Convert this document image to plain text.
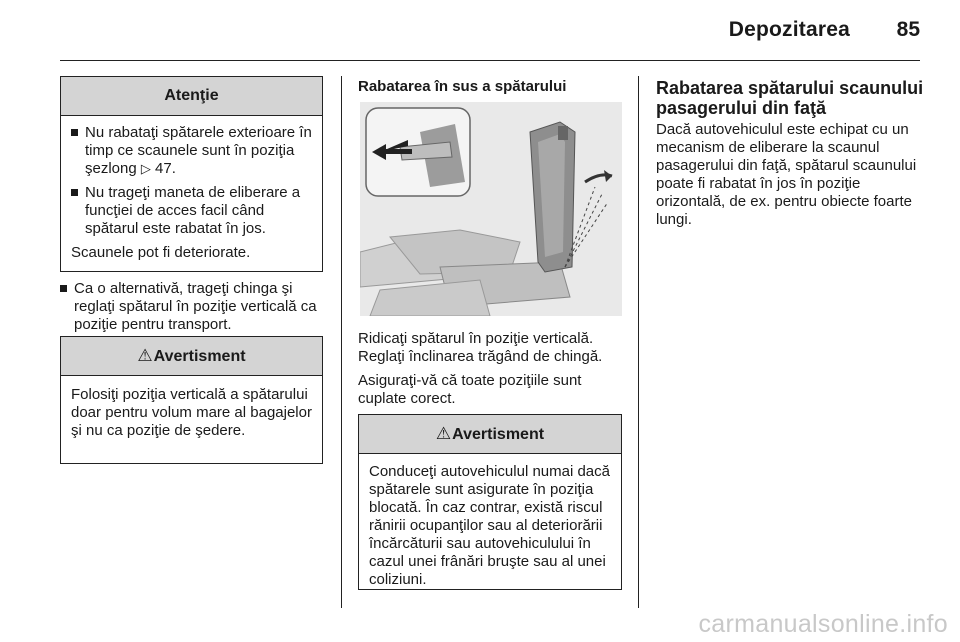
Depozitarea	85
Atenţie
Nu rabataţi spătarele exterioare în timp ce scaunele sunt în poziţia şezlong ▷ 47.
Nu trageţi maneta de eliberare a funcţiei de acces facil când spătarul este rabatat în jos.

Scaunele pot fi deteriorate.

Ca o alternativă, trageţi chinga şi reglaţi spătarul în poziţie verticală ca poziţie pentru transport.
⚠Avertisment
Folosiţi poziţia verticală a spătarului doar pentru volum mare al bagajelor şi nu ca poziţie de şedere.
Rabatarea în sus a spătarului
Ridicaţi spătarul în poziţie verticală. Reglaţi înclinarea trăgând de chingă.
Asiguraţi-vă că toate poziţiile sunt cuplate corect.
⚠Avertisment
Conduceţi autovehiculul numai dacă spătarele sunt asigurate în poziţia blocată. În caz contrar, există riscul rănirii ocupanţilor sau al deteriorării încărcăturii sau autovehiculului în cazul unei frânări bruşte sau al unei coliziuni.
Rabatarea spătarului scaunului pasagerului din faţă
Dacă autovehiculul este echipat cu un mecanism de eliberare la scaunul pasagerului din faţă, spătarul scaunului poate fi rabatat în jos în poziţie orizontală, de ex. pentru obiecte foarte lungi.
carmanualsonline.info
